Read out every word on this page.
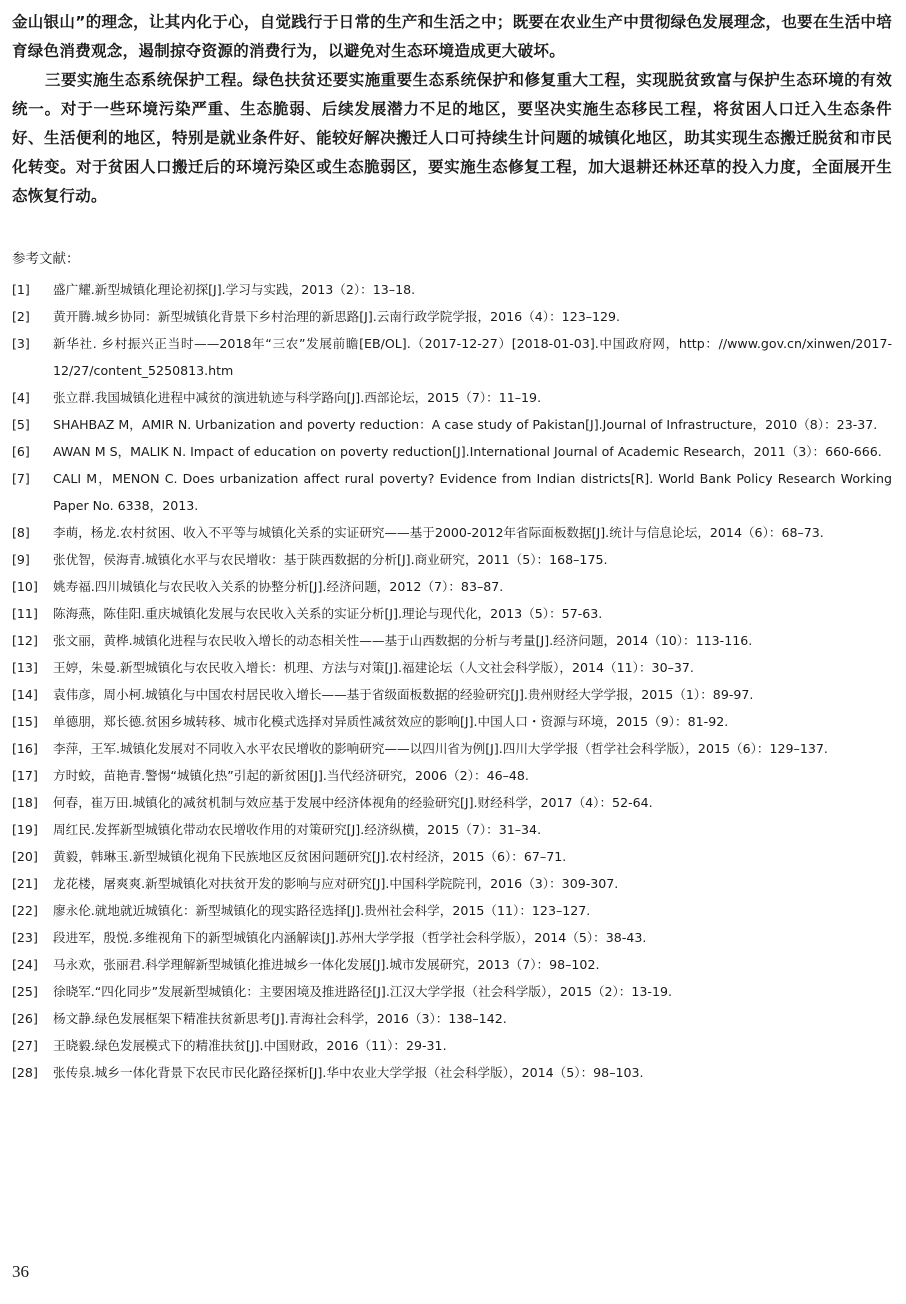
金山银山”的理念，让其内化于心，自觉践行于日常的生产和生活之中；既要在农业生产中贯彻绿色发展理念，也要在生活中培育绿色消费观念，遏制掠夺资源的消费行为，以避免对生态环境造成更大破坏。

三要实施生态系统保护工程。绿色扶贫还要实施重要生态系统保护和修复重大工程，实现脱贫致富与保护生态环境的有效统一。对于一些环境污染严重、生态脆弱、后续发展潜力不足的地区，要坚决实施生态移民工程，将贫困人口迁入生态条件好、生活便利的地区，特别是就业条件好、能较好解决搬迁人口可持续生计问题的城镇化地区，助其实现生态搬迁脱贫和市民化转变。对于贫困人口搬迁后的环境污染区或生态脆弱区，要实施生态修复工程，加大退耕还林还草的投入力度，全面展开生态恢复行动。

参考文献：
[1]	盛广耀.新型城镇化理论初探[J].学习与实践，2013（2）：13–18.
[2]	黄开腾.城乡协同：新型城镇化背景下乡村治理的新思路[J].云南行政学院学报，2016（4）：123–129.
[3]	新华社. 乡村振兴正当时——2018年“三农”发展前瞻[EB/OL].（2017-12-27）[2018-01-03].中国政府网，http：//www.gov.cn/xinwen/2017-12/27/content_5250813.htm
[4]	张立群.我国城镇化进程中减贫的演进轨迹与科学路向[J].西部论坛，2015（7）：11–19.
[5]	SHAHBAZ M，AMIR N. Urbanization and poverty reduction：A case study of Pakistan[J].Journal of Infrastructure，2010（8）：23-37.
[6]	AWAN M S，MALIK N. Impact of education on poverty reduction[J].International Journal of Academic Research，2011（3）：660-666.
[7]	CALI M，MENON C. Does urbanization affect rural poverty? Evidence from Indian districts[R]. World Bank Policy Research Working Paper No. 6338，2013.
[8]	李萌，杨龙.农村贫困、收入不平等与城镇化关系的实证研究——基于2000-2012年省际面板数据[J].统计与信息论坛，2014（6）：68–73.
[9]	张优智，侯海青.城镇化水平与农民增收：基于陕西数据的分析[J].商业研究，2011（5）：168–175.
[10]	姚寿福.四川城镇化与农民收入关系的协整分析[J].经济问题，2012（7）：83–87.
[11]	陈海燕，陈佳阳.重庆城镇化发展与农民收入关系的实证分析[J].理论与现代化，2013（5）：57-63.
[12]	张文丽，黄桦.城镇化进程与农民收入增长的动态相关性——基于山西数据的分析与考量[J].经济问题，2014（10）：113-116.
[13]	王婷，朱曼.新型城镇化与农民收入增长：机理、方法与对策[J].福建论坛（人文社会科学版），2014（11）：30–37.
[14]	袁伟彦，周小柯.城镇化与中国农村居民收入增长——基于省级面板数据的经验研究[J].贵州财经大学学报，2015（1）：89-97.
[15]	单德朋，郑长德.贫困乡城转移、城市化模式选择对异质性减贫效应的影响[J].中国人口・资源与环境，2015（9）：81-92.
[16]	李萍，王军.城镇化发展对不同收入水平农民增收的影响研究——以四川省为例[J].四川大学学报（哲学社会科学版），2015（6）：129–137.
[17]	方时蛟，苗艳青.警惕“城镇化热”引起的新贫困[J].当代经济研究，2006（2）：46–48.
[18]	何春，崔万田.城镇化的减贫机制与效应基于发展中经济体视角的经验研究[J].财经科学，2017（4）：52-64.
[19]	周红民.发挥新型城镇化带动农民增收作用的对策研究[J].经济纵横，2015（7）：31–34.
[20]	黄毅，韩琳玉.新型城镇化视角下民族地区反贫困问题研究[J].农村经济，2015（6）：67–71.
[21]	龙花楼，屠爽爽.新型城镇化对扶贫开发的影响与应对研究[J].中国科学院院刊，2016（3）：309-307.
[22]	廖永伦.就地就近城镇化：新型城镇化的现实路径选择[J].贵州社会科学，2015（11）：123–127.
[23]	段进军，殷悦.多维视角下的新型城镇化内涵解读[J].苏州大学学报（哲学社会科学版），2014（5）：38-43.
[24]	马永欢，张丽君.科学理解新型城镇化推进城乡一体化发展[J].城市发展研究，2013（7）：98–102.
[25]	徐晓军.“四化同步”发展新型城镇化：主要困境及推进路径[J].江汉大学学报（社会科学版），2015（2）：13-19.
[26]	杨文静.绿色发展框架下精准扶贫新思考[J].青海社会科学，2016（3）：138–142.
[27]	王晓毅.绿色发展模式下的精准扶贫[J].中国财政，2016（11）：29-31.
[28]	张传泉.城乡一体化背景下农民市民化路径探析[J].华中农业大学学报（社会科学版），2014（5）：98–103.
36
